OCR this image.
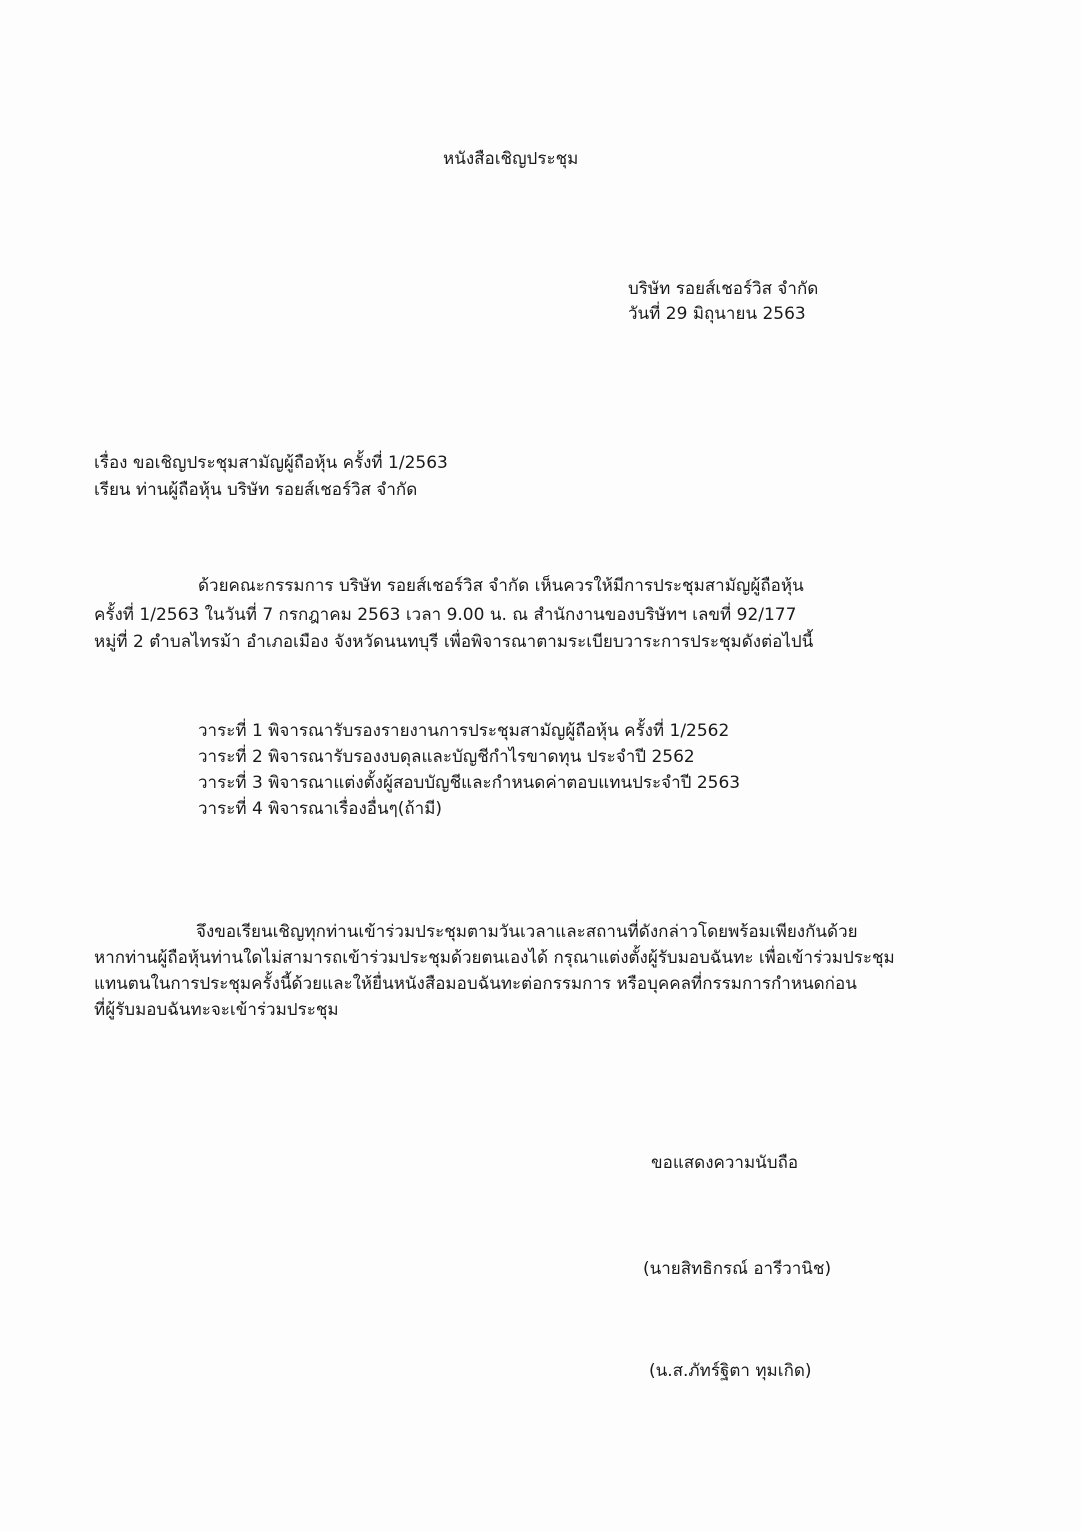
หนังสือเชิญประชุม

บริษัท รอยส์เชอร์วิส จำกัด

วันที่ 29 มิถุนายน 2563

เรื่อง ขอเชิญประชุมสามัญผู้ถือหุ้น ครั้งที่ 1/2563

เรียน ท่านผู้ถือหุ้น บริษัท รอยส์เชอร์วิส จำกัด

ด้วยคณะกรรมการ บริษัท รอยส์เชอร์วิส จำกัด เห็นควรให้มีการประชุมสามัญผู้ถือหุ้น

ครั้งที่ 1/2563 ในวันที่ 7 กรกฎาคม 2563 เวลา 9.00 น. ณ สำนักงานของบริษัทฯ เลขที่ 92/177

หมู่ที่ 2 ตำบลไทรม้า อำเภอเมือง จังหวัดนนทบุรี เพื่อพิจารณาตามระเบียบวาระการประชุมดังต่อไปนี้

วาระที่ 1 พิจารณารับรองรายงานการประชุมสามัญผู้ถือหุ้น ครั้งที่ 1/2562

วาระที่ 2 พิจารณารับรองงบดุลและบัญชีกำไรขาดทุน ประจำปี 2562

วาระที่ 3 พิจารณาแต่งตั้งผู้สอบบัญชีและกำหนดค่าตอบแทนประจำปี 2563

วาระที่ 4 พิจารณาเรื่องอื่นๆ(ถ้ามี)

จึงขอเรียนเชิญทุกท่านเข้าร่วมประชุมตามวันเวลาและสถานที่ดังกล่าวโดยพร้อมเพียงกันด้วย

หากท่านผู้ถือหุ้นท่านใดไม่สามารถเข้าร่วมประชุมด้วยตนเองได้ กรุณาแต่งตั้งผู้รับมอบฉันทะ เพื่อเข้าร่วมประชุม

แทนตนในการประชุมครั้งนี้ด้วยและให้ยื่นหนังสือมอบฉันทะต่อกรรมการ หรือบุคคลที่กรรมการกำหนดก่อน

ที่ผู้รับมอบฉันทะจะเข้าร่วมประชุม

ขอแสดงความนับถือ

(นายสิทธิกรณ์ อารีวานิช)

(น.ส.ภัทร์ฐิตา ทุมเกิด)
